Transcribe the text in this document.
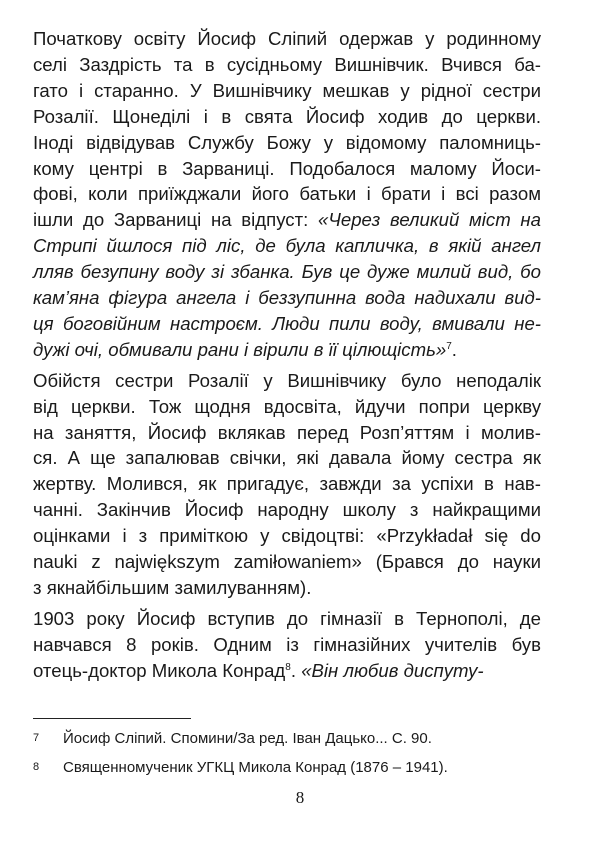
Початкову освіту Йосиф Сліпий одержав у родинному
селі Заздрість та в сусідньому Вишнівчик. Вчився ба-
гато і старанно. У Вишнівчику мешкав у рідної сестри
Розалії. Щонеділі і в свята Йосиф ходив до церкви.
Іноді відвідував Службу Божу у відомому паломниць-
кому центрі в Зарваниці. Подобалося малому Йоси-
фові, коли приїжджали його батьки і брати і всі разом
ішли до Зарваниці на відпуст: «Через великий міст на
Стрипі йшлося під ліс, де була капличка, в якій ангел
лляв безупину воду зі збанка. Був це дуже милий вид, бо
кам’яна фігура ангела і беззупинна вода надихали вид-
ця боговійним настроєм. Люди пили воду, вмивали не-
дужі очі, обмивали рани і вірили в її цілющість»$^7$.
Обійстя сестри Розалії у Вишнівчику було неподалік
від церкви. Тож щодня вдосвіта, йдучи попри церкву
на заняття, Йосиф вклякав перед Розп’яттям і молив-
ся. А ще запалював свічки, які давала йому сестра як
жертву. Молився, як пригадує, завжди за успіхи в нав-
чанні. Закінчив Йосиф народну школу з найкращими
оцінками і з приміткою у свідоцтві: «Przykładał się do
nauki z największym zamiłowaniem» (Брався до науки
з якнайбільшим замилуванням).
1903 року Йосиф вступив до гімназії в Тернополі, де
навчався 8 років. Одним із гімназійних учителів був
отець-доктор Микола Конрад$^8$. «Він любив диспуту-
7 Йосиф Сліпий. Спомини/За ред. Іван Дацько... С. 90.
8 Священномученик УГКЦ Микола Конрад (1876 – 1941).
8
